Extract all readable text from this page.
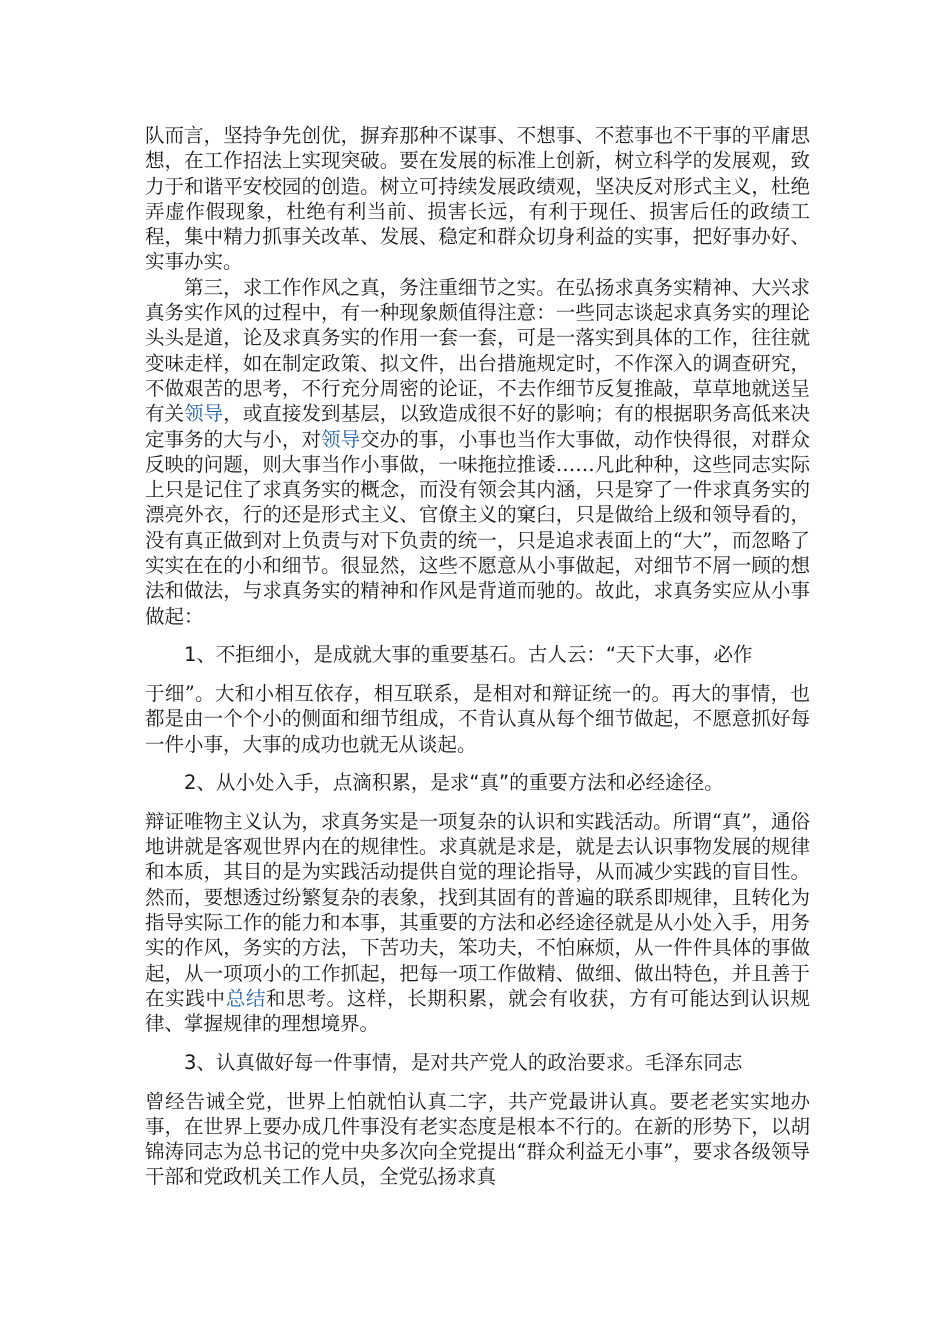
队而言，坚持争先创优，摒弃那种不谋事、不想事、不惹事也不干事的平庸思想，在工作招法上实现突破。要在发展的标准上创新，树立科学的发展观，致力于和谐平安校园的创造。树立可持续发展政绩观，坚决反对形式主义，杜绝弄虚作假现象，杜绝有利当前、损害长远，有利于现任、损害后任的政绩工程，集中精力抓事关改革、发展、稳定和群众切身利益的实事，把好事办好、实事办实。

第三，求工作作风之真，务注重细节之实。在弘扬求真务实精神、大兴求真务实作风的过程中，有一种现象颇值得注意：一些同志谈起求真务实的理论头头是道，论及求真务实的作用一套一套，可是一落实到具体的工作，往往就变味走样，如在制定政策、拟文件，出台措施规定时，不作深入的调查研究，不做艰苦的思考，不行充分周密的论证，不去作细节反复推敲，草草地就送呈有关领导，或直接发到基层，以致造成很不好的影响；有的根据职务高低来决定事务的大与小，对领导交办的事，小事也当作大事做，动作快得很，对群众反映的问题，则大事当作小事做，一味拖拉推诿……凡此种种，这些同志实际上只是记住了求真务实的概念，而没有领会其内涵，只是穿了一件求真务实的漂亮外衣，行的还是形式主义、官僚主义的窠臼，只是做给上级和领导看的，没有真正做到对上负责与对下负责的统一，只是追求表面上的“大”，而忽略了实实在在的小和细节。很显然，这些不愿意从小事做起，对细节不屑一顾的想法和做法，与求真务实的精神和作风是背道而驰的。故此，求真务实应从小事做起：

1、不拒细小，是成就大事的重要基石。古人云：“天下大事，必作

于细”。大和小相互依存，相互联系，是相对和辩证统一的。再大的事情，也都是由一个个小的侧面和细节组成，不肯认真从每个细节做起，不愿意抓好每一件小事，大事的成功也就无从谈起。

2、从小处入手，点滴积累，是求“真”的重要方法和必经途径。

辩证唯物主义认为，求真务实是一项复杂的认识和实践活动。所谓“真”，通俗地讲就是客观世界内在的规律性。求真就是求是，就是去认识事物发展的规律和本质，其目的是为实践活动提供自觉的理论指导，从而减少实践的盲目性。然而，要想透过纷繁复杂的表象，找到其固有的普遍的联系即规律，且转化为指导实际工作的能力和本事，其重要的方法和必经途径就是从小处入手，用务实的作风，务实的方法，下苦功夫，笨功夫，不怕麻烦，从一件件具体的事做起，从一项项小的工作抓起，把每一项工作做精、做细、做出特色，并且善于在实践中总结和思考。这样，长期积累，就会有收获，方有可能达到认识规律、掌握规律的理想境界。

3、认真做好每一件事情，是对共产党人的政治要求。毛泽东同志

曾经告诫全党，世界上怕就怕认真二字，共产党最讲认真。要老老实实地办事，在世界上要办成几件事没有老实态度是根本不行的。在新的形势下，以胡锦涛同志为总书记的党中央多次向全党提出“群众利益无小事”，要求各级领导干部和党政机关工作人员，全党弘扬求真
